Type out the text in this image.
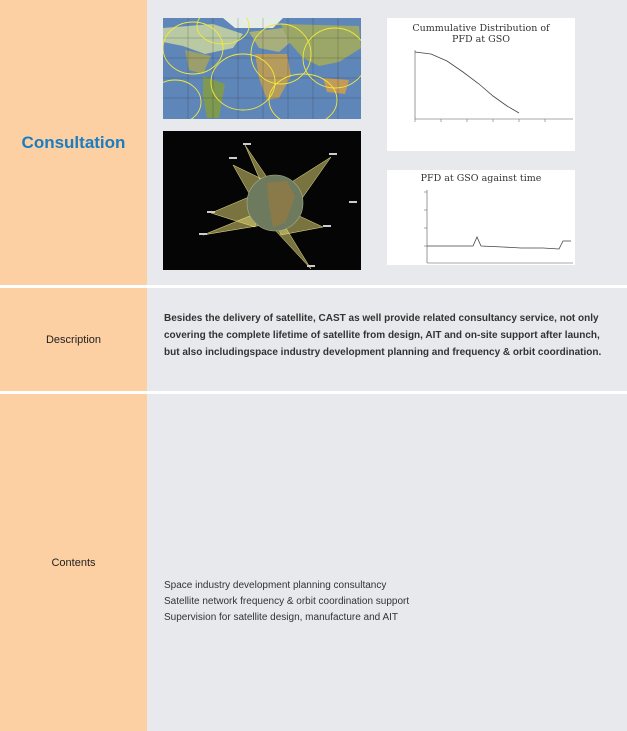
Consultation
Cummulative Distribution of
PFD at GSO
PFD at GSO against time
Description
Besides the delivery of satellite, CAST as well provide related consultancy service, not only covering the complete lifetime of satellite from design, AIT and on-site support after launch, but also includingspace industry development planning and frequency & orbit coordination.
Contents
Space industry development planning consultancy
Satellite network frequency & orbit coordination support
Supervision for satellite design, manufacture and AIT
